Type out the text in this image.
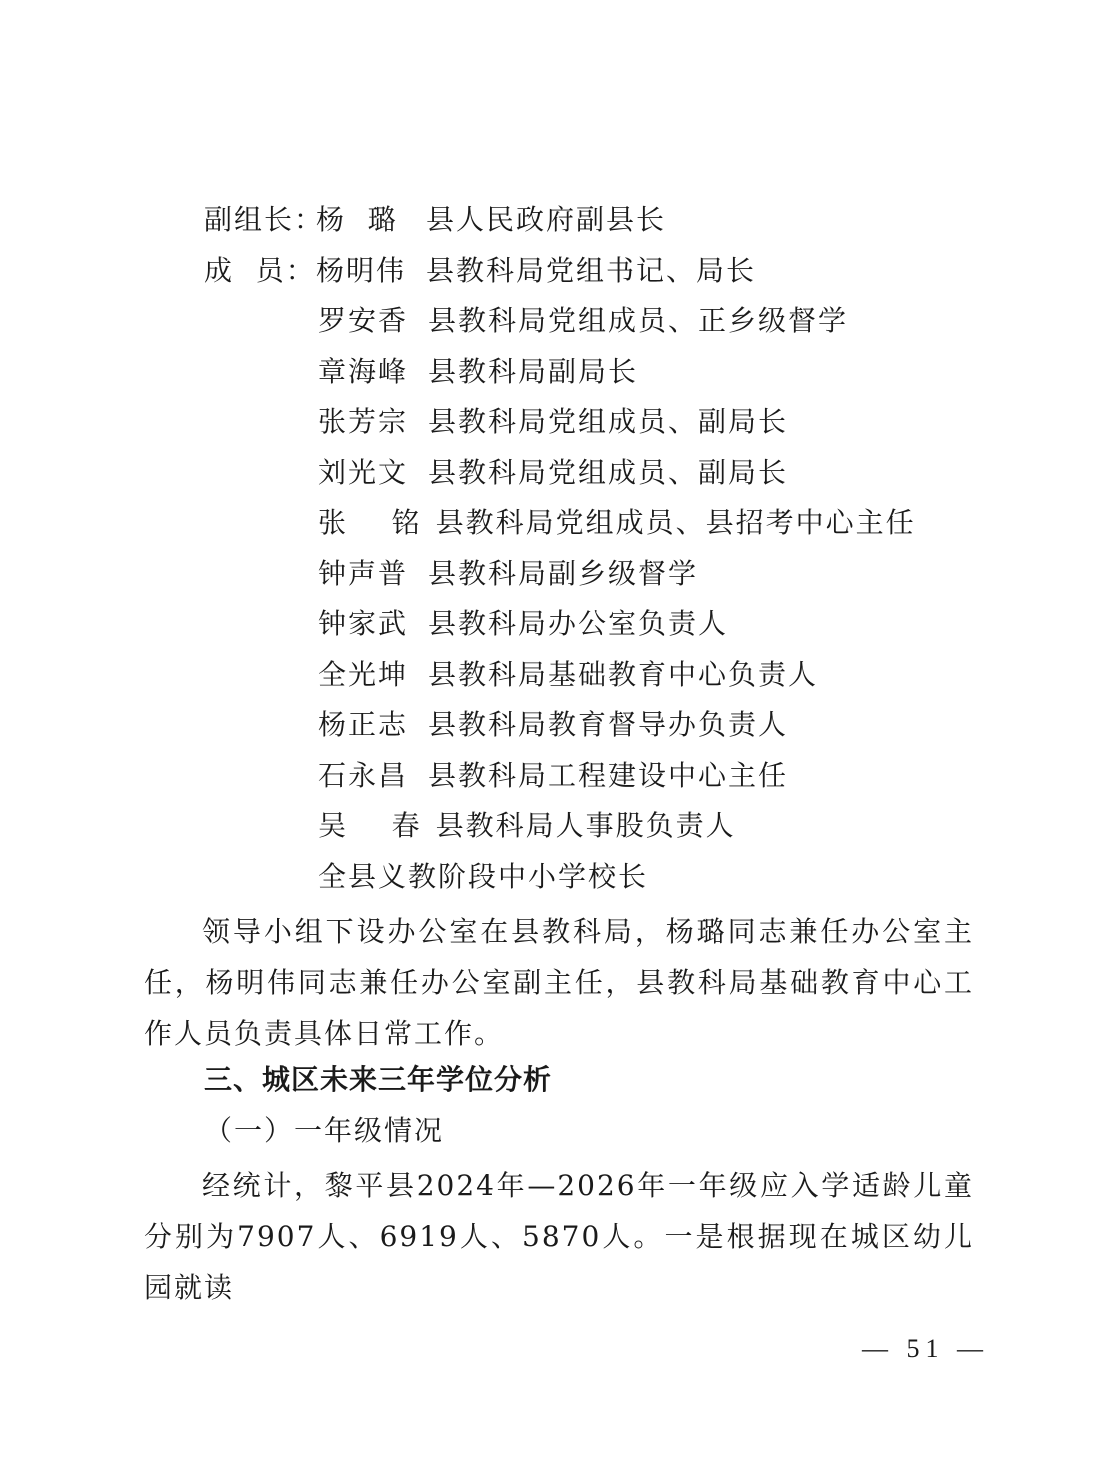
副组长：杨  璐 县人民政府副县长
成  员：杨明伟 县教科局党组书记、局长
罗安香 县教科局党组成员、正乡级督学
章海峰 县教科局副局长
张芳宗 县教科局党组成员、副局长
刘光文 县教科局党组成员、副局长
张    铭 县教科局党组成员、县招考中心主任
钟声普 县教科局副乡级督学
钟家武 县教科局办公室负责人
全光坤 县教科局基础教育中心负责人
杨正志 县教科局教育督导办负责人
石永昌 县教科局工程建设中心主任
吴    春 县教科局人事股负责人
全县义教阶段中小学校长
领导小组下设办公室在县教科局，杨璐同志兼任办公室主任，杨明伟同志兼任办公室副主任，县教科局基础教育中心工作人员负责具体日常工作。
三、城区未来三年学位分析
（一）一年级情况
经统计，黎平县2024年—2026年一年级应入学适龄儿童分别为7907人、6919人、5870人。一是根据现在城区幼儿园就读
— 51 —
